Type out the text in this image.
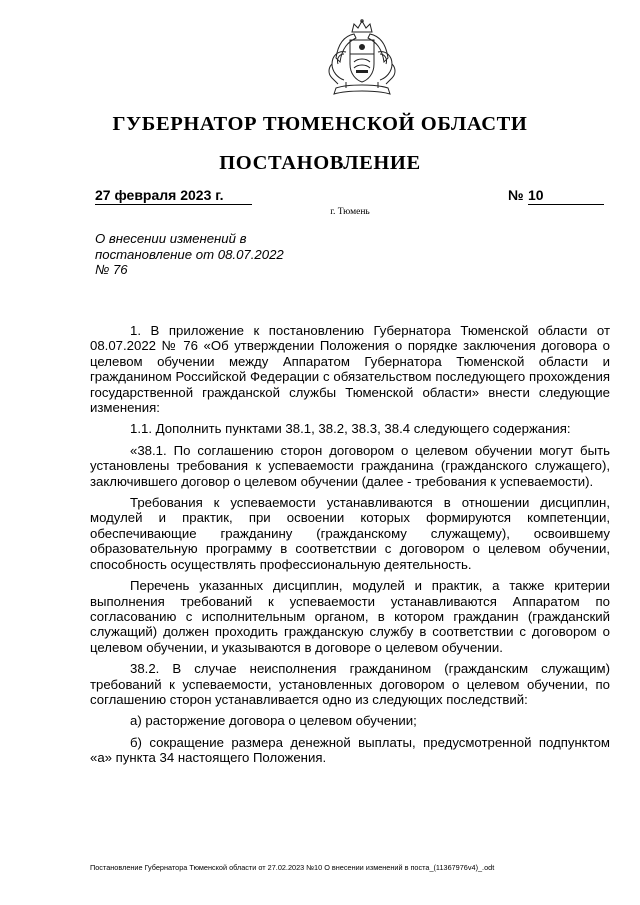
ГУБЕРНАТОР ТЮМЕНСКОЙ ОБЛАСТИ
ПОСТАНОВЛЕНИЕ
27 февраля 2023 г.	№ 10
г. Тюмень
О внесении изменений в
постановление от 08.07.2022
№ 76

1. В приложение к постановлению Губернатора Тюменской области от 08.07.2022 № 76 «Об утверждении Положения о порядке заключения договора о целевом обучении между Аппаратом Губернатора Тюменской области и гражданином Российской Федерации с обязательством последующего прохождения государственной гражданской службы Тюменской области» внести следующие изменения:

1.1. Дополнить пунктами 38.1, 38.2, 38.3, 38.4 следующего содержания:

«38.1. По соглашению сторон договором о целевом обучении могут быть установлены требования к успеваемости гражданина (гражданского служащего), заключившего договор о целевом обучении (далее - требования к успеваемости).

Требования к успеваемости устанавливаются в отношении дисциплин, модулей и практик, при освоении которых формируются компетенции, обеспечивающие гражданину (гражданскому служащему), освоившему образовательную программу в соответствии с договором о целевом обучении, способность осуществлять профессиональную деятельность.

Перечень указанных дисциплин, модулей и практик, а также критерии выполнения требований к успеваемости устанавливаются Аппаратом по согласованию с исполнительным органом, в котором гражданин (гражданский служащий) должен проходить гражданскую службу в соответствии с договором о целевом обучении, и указываются в договоре о целевом обучении.

38.2. В случае неисполнения гражданином (гражданским служащим) требований к успеваемости, установленных договором о целевом обучении, по соглашению сторон устанавливается одно из следующих последствий:

а) расторжение договора о целевом обучении;

б) сокращение размера денежной выплаты, предусмотренной подпунктом «а» пункта 34 настоящего Положения.

Постановление Губернатора Тюменской области от 27.02.2023 №10 О внесении изменений в поста_(11367976v4)_.odt
